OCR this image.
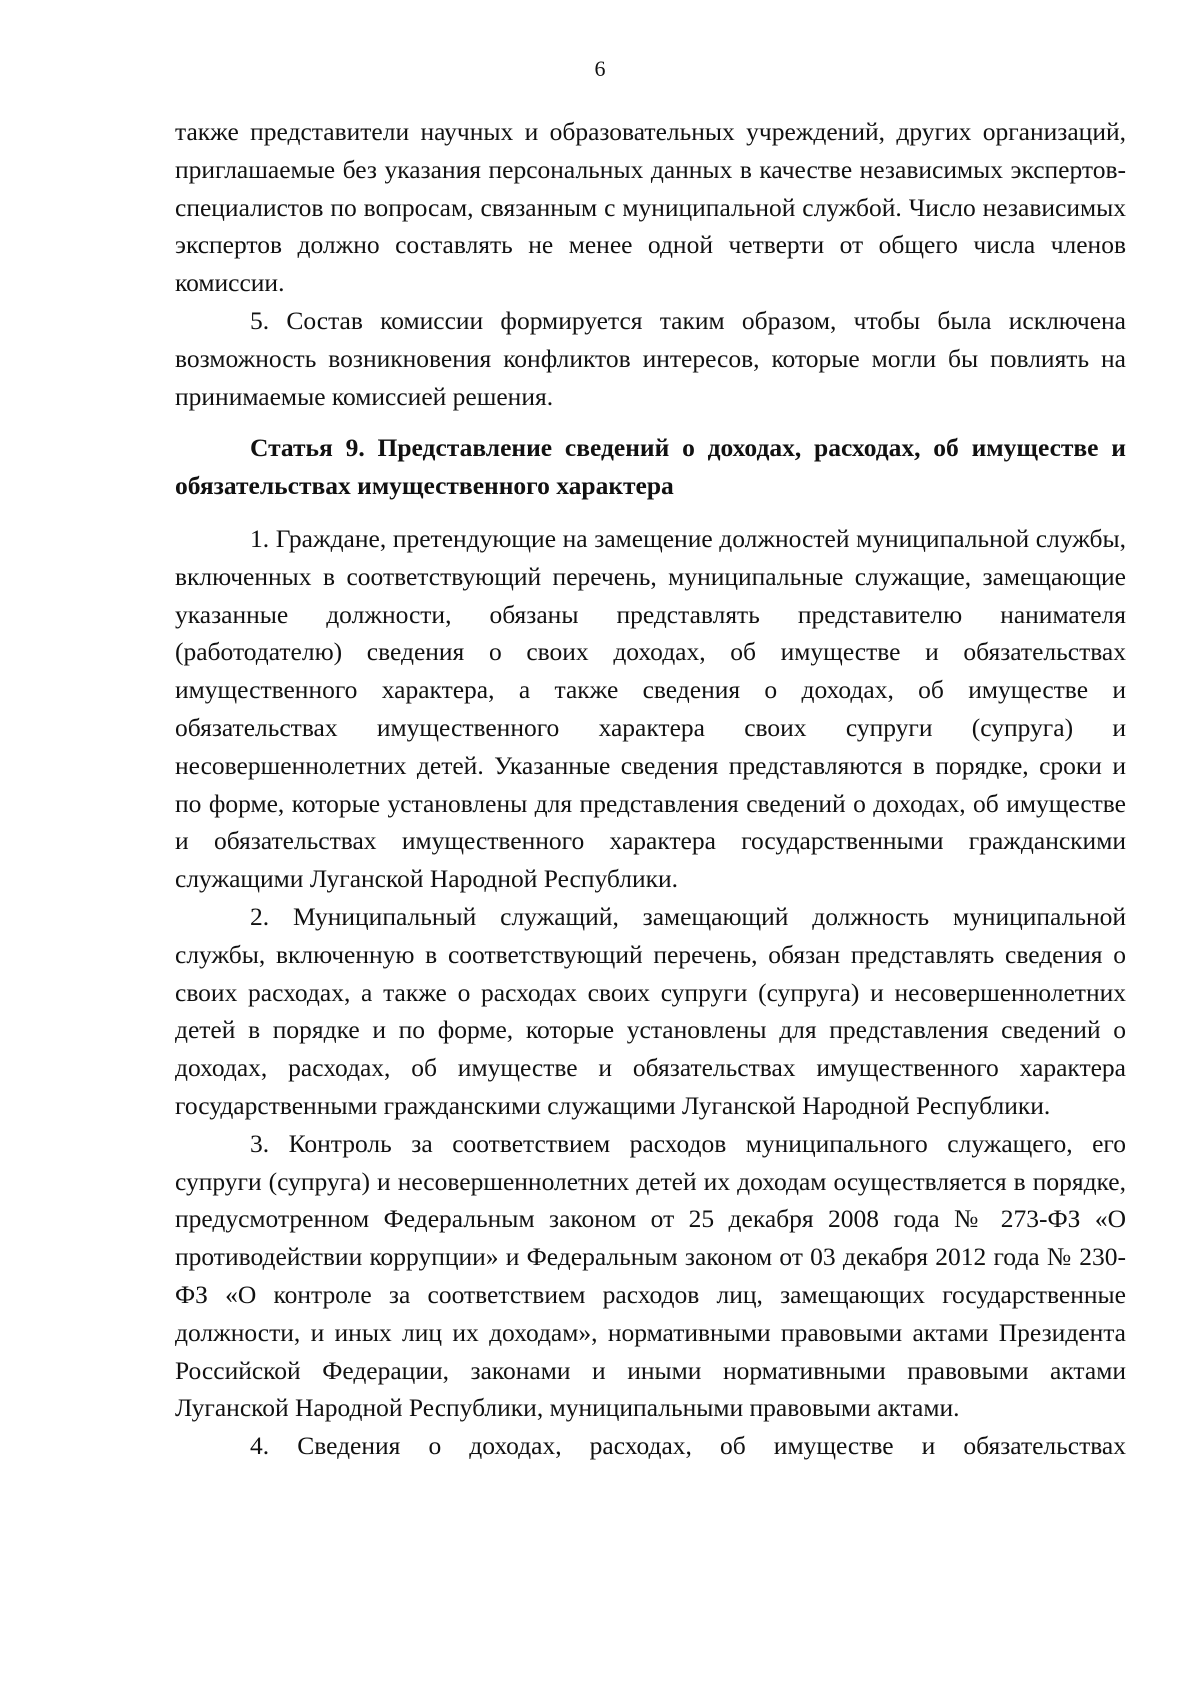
6

также представители научных и образовательных учреждений, других организаций, приглашаемые без указания персональных данных в качестве независимых экспертов-специалистов по вопросам, связанным с муниципальной службой. Число независимых экспертов должно составлять не менее одной четверти от общего числа членов комиссии.

5. Состав комиссии формируется таким образом, чтобы была исключена возможность возникновения конфликтов интересов, которые могли бы повлиять на принимаемые комиссией решения.

Статья 9. Представление сведений о доходах, расходах, об имуществе и обязательствах имущественного характера

1. Граждане, претендующие на замещение должностей муниципальной службы, включенных в соответствующий перечень, муниципальные служащие, замещающие указанные должности, обязаны представлять представителю нанимателя (работодателю) сведения о своих доходах, об имуществе и обязательствах имущественного характера, а также сведения о доходах, об имуществе и обязательствах имущественного характера своих супруги (супруга) и несовершеннолетних детей. Указанные сведения представляются в порядке, сроки и по форме, которые установлены для представления сведений о доходах, об имуществе и обязательствах имущественного характера государственными гражданскими служащими Луганской Народной Республики.

2. Муниципальный служащий, замещающий должность муниципальной службы, включенную в соответствующий перечень, обязан представлять сведения о своих расходах, а также о расходах своих супруги (супруга) и несовершеннолетних детей в порядке и по форме, которые установлены для представления сведений о доходах, расходах, об имуществе и обязательствах имущественного характера государственными гражданскими служащими Луганской Народной Республики.

3. Контроль за соответствием расходов муниципального служащего, его супруги (супруга) и несовершеннолетних детей их доходам осуществляется в порядке, предусмотренном Федеральным законом от 25 декабря 2008 года № 273-ФЗ «О противодействии коррупции» и Федеральным законом от 03 декабря 2012 года № 230-ФЗ «О контроле за соответствием расходов лиц, замещающих государственные должности, и иных лиц их доходам», нормативными правовыми актами Президента Российской Федерации, законами и иными нормативными правовыми актами Луганской Народной Республики, муниципальными правовыми актами.

4. Сведения о доходах, расходах, об имуществе и обязательствах
